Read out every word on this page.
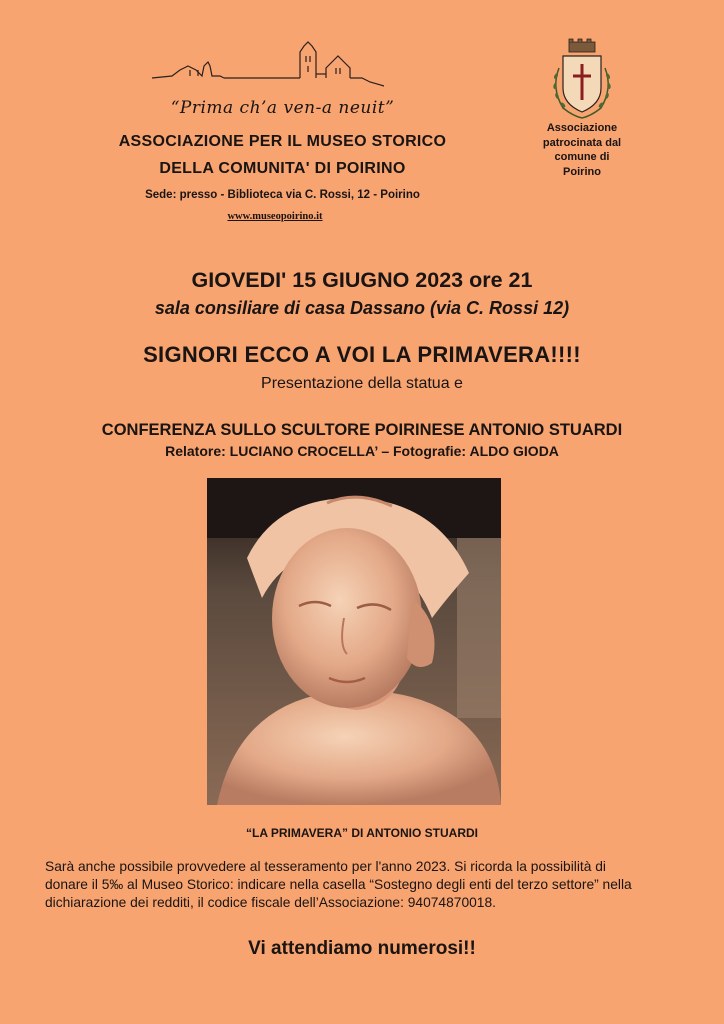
“Prima ch’a ven-a neuit”
ASSOCIAZIONE PER IL MUSEO STORICO
DELLA COMUNITA' DI POIRINO
Sede: presso - Biblioteca via C. Rossi, 12 - Poirino
www.museopoirino.it
Associazione
patrocinata dal
comune di
Poirino
GIOVEDI' 15 GIUGNO 2023 ore 21
sala consiliare di casa Dassano (via C. Rossi 12)
SIGNORI ECCO A VOI LA PRIMAVERA!!!!
Presentazione della statua e
CONFERENZA SULLO SCULTORE POIRINESE ANTONIO STUARDI
Relatore: LUCIANO CROCELLA’ – Fotografie: ALDO GIODA
“LA PRIMAVERA” DI ANTONIO STUARDI
Sarà anche possibile provvedere al tesseramento per l'anno 2023. Si ricorda la possibilità di
donare il 5‰ al Museo Storico: indicare nella casella “Sostegno degli enti del terzo settore” nella
dichiarazione dei redditi, il codice fiscale dell’Associazione: 94074870018.
Vi attendiamo numerosi!!
